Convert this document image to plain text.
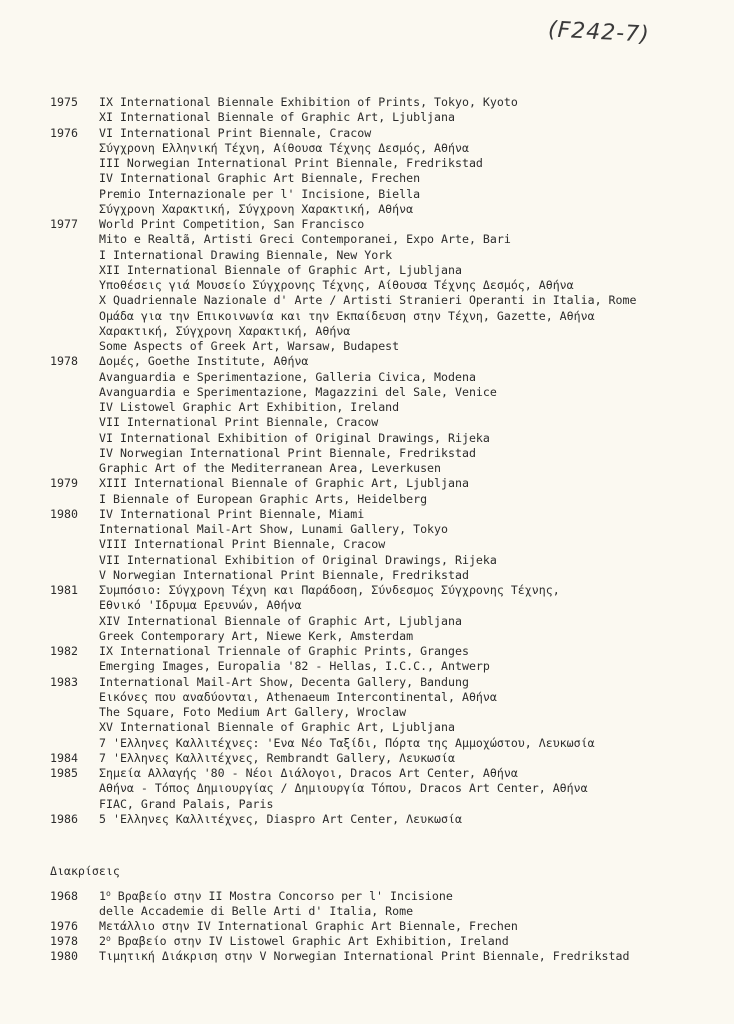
(F242-7)
1975	IX International Biennale Exhibition of Prints, Tokyo, Kyoto
XI International Biennale of Graphic Art, Ljubljana
1976	VI International Print Biennale, Cracow
Σύγχρονη Ελληνική Τέχνη, Αίθουσα Τέχνης Δεσμός, Αθήνα
III Norwegian International Print Biennale, Fredrikstad
IV International Graphic Art Biennale, Frechen
Premio Internazionale per l' Incisione, Biella
Σύγχρονη Χαρακτική, Σύγχρονη Χαρακτική, Αθήνα
1977	World Print Competition, San Francisco
Mito e Realtã, Artisti Greci Contemporanei, Expo Arte, Bari
I International Drawing Biennale, New York
XII International Biennale of Graphic Art, Ljubljana
Υποθέσεις γιά Μουσείο Σύγχρονης Τέχνης, Αίθουσα Τέχνης Δεσμός, Αθήνα
X Quadriennale Nazionale d' Arte / Artisti Stranieri Operanti in Italia, Rome
Ομάδα για την Επικοινωνία και την Εκπαίδευση στην Τέχνη, Gazette, Αθήνα
Χαρακτική, Σύγχρονη Χαρακτική, Αθήνα
Some Aspects of Greek Art, Warsaw, Budapest
1978	Δομές, Goethe Institute, Αθήνα
Avanguardia e Sperimentazione, Galleria Civica, Modena
Avanguardia e Sperimentazione, Magazzini del Sale, Venice
IV Listowel Graphic Art Exhibition, Ireland
VII International Print Biennale, Cracow
VI International Exhibition of Original Drawings, Rijeka
IV Norwegian International Print Biennale, Fredrikstad
Graphic Art of the Mediterranean Area, Leverkusen
1979	XIII International Biennale of Graphic Art, Ljubljana
I Biennale of European Graphic Arts, Heidelberg
1980	IV International Print Biennale, Miami
International Mail-Art Show, Lunami Gallery, Tokyo
VIII International Print Biennale, Cracow
VII International Exhibition of Original Drawings, Rijeka
V Norwegian International Print Biennale, Fredrikstad
1981	Συμπόσιο: Σύγχρονη Τέχνη και Παράδοση, Σύνδεσμος Σύγχρονης Τέχνης,
Εθνικό 'Ιδρυμα Ερευνών, Αθήνα
XIV International Biennale of Graphic Art, Ljubljana
Greek Contemporary Art, Niewe Kerk, Amsterdam
1982	IX International Triennale of Graphic Prints, Granges
Emerging Images, Europalia '82 - Hellas, I.C.C., Antwerp
1983	International Mail-Art Show, Decenta Gallery, Bandung
Εικόνες που αναδύονται, Athenaeum Intercontinental, Αθήνα
The Square, Foto Medium Art Gallery, Wroclaw
XV International Biennale of Graphic Art, Ljubljana
7 'Ελληνες Καλλιτέχνες: 'Ενα Νέο Ταξίδι, Πόρτα της Αμμοχώστου, Λευκωσία
1984	7 'Ελληνες Καλλιτέχνες, Rembrandt Gallery, Λευκωσία
1985	Σημεία Αλλαγής '80 - Νέοι Διάλογοι, Dracos Art Center, Αθήνα
Αθήνα - Τόπος Δημιουργίας / Δημιουργία Τόπου, Dracos Art Center, Αθήνα
FIAC, Grand Palais, Paris
1986	5 'Ελληνες Καλλιτέχνες, Diaspro Art Center, Λευκωσία
Διακρίσεις
1968	$1^o$ Βραβείο στην II Mostra Concorso per l' Incisione
delle Accademie di Belle Arti d' Italia, Rome
1976	Μετάλλιο στην IV International Graphic Art Biennale, Frechen
1978	$2^o$ Βραβείο στην IV Listowel Graphic Art Exhibition, Ireland
1980	Τιμητική Διάκριση στην V Norwegian International Print Biennale, Fredrikstad
